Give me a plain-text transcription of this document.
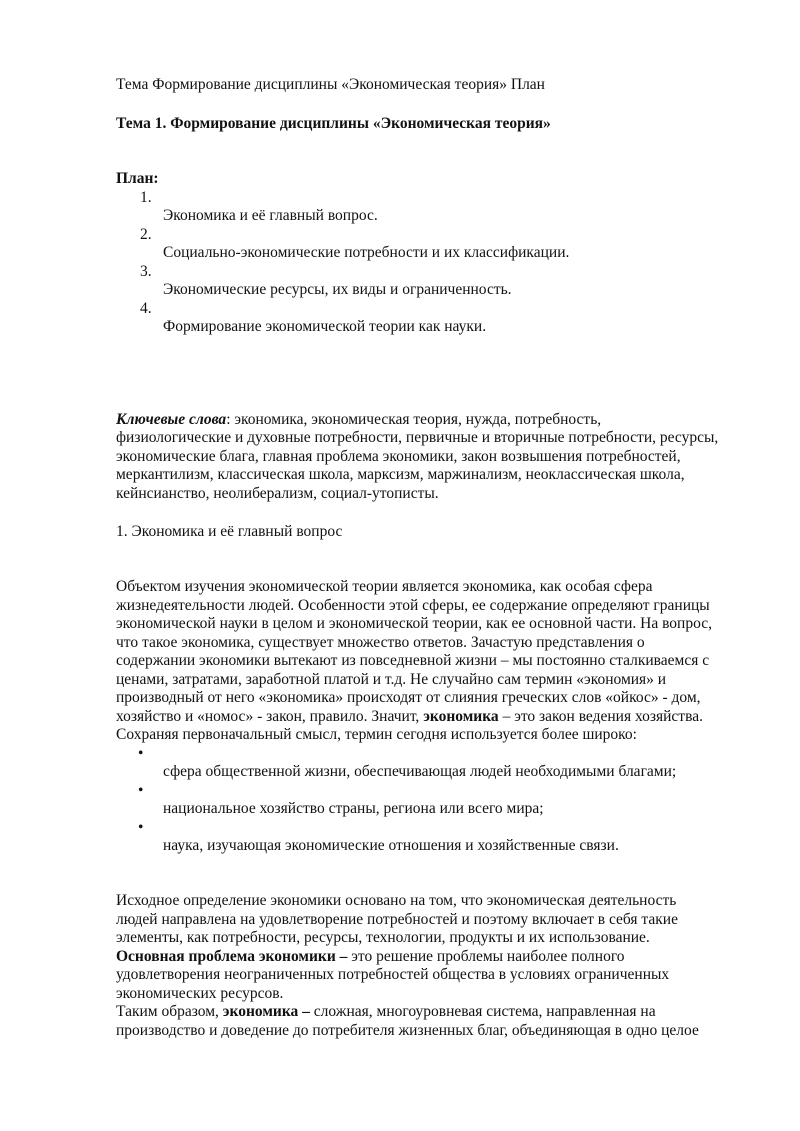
Тема Формирование дисциплины «Экономическая теория» План
Тема 1. Формирование дисциплины «Экономическая теория»
План:
1.
Экономика и её главный вопрос.
2.
Социально-экономические потребности и их классификации.
3.
Экономические ресурсы, их виды и ограниченность.
4.
Формирование экономической теории как науки.
Ключевые слова: экономика, экономическая теория, нужда, потребность,
физиологические и духовные потребности, первичные и вторичные потребности, ресурсы,
экономические блага, главная проблема экономики, закон возвышения потребностей,
меркантилизм, классическая школа, марксизм, маржинализм, неоклассическая школа,
кейнсианство, неолиберализм, социал-утописты.
1. Экономика и её главный вопрос
Объектом изучения экономической теории является экономика, как особая сфера
жизнедеятельности людей. Особенности этой сферы, ее содержание определяют границы
экономической науки в целом и экономической теории, как ее основной части. На вопрос,
что такое экономика, существует множество ответов. Зачастую представления о
содержании экономики вытекают из повседневной жизни – мы постоянно сталкиваемся с
ценами, затратами, заработной платой и т.д. Не случайно сам термин «экономия» и
производный от него «экономика» происходят от слияния греческих слов «ойкос» - дом,
хозяйство и «номос» - закон, правило. Значит, экономика – это закон ведения хозяйства.
Сохраняя первоначальный смысл, термин сегодня используется более широко:
•
сфера общественной жизни, обеспечивающая людей необходимыми благами;
•
национальное хозяйство страны, региона или всего мира;
•
наука, изучающая экономические отношения и хозяйственные связи.
Исходное определение экономики основано на том, что экономическая деятельность
людей направлена на удовлетворение потребностей и поэтому включает в себя такие
элементы, как потребности, ресурсы, технологии, продукты и их использование.
Основная проблема экономики – это решение проблемы наиболее полного
удовлетворения неограниченных потребностей общества в условиях ограниченных
экономических ресурсов.
Таким образом, экономика – сложная, многоуровневая система, направленная на
производство и доведение до потребителя жизненных благ, объединяющая в одно целое
